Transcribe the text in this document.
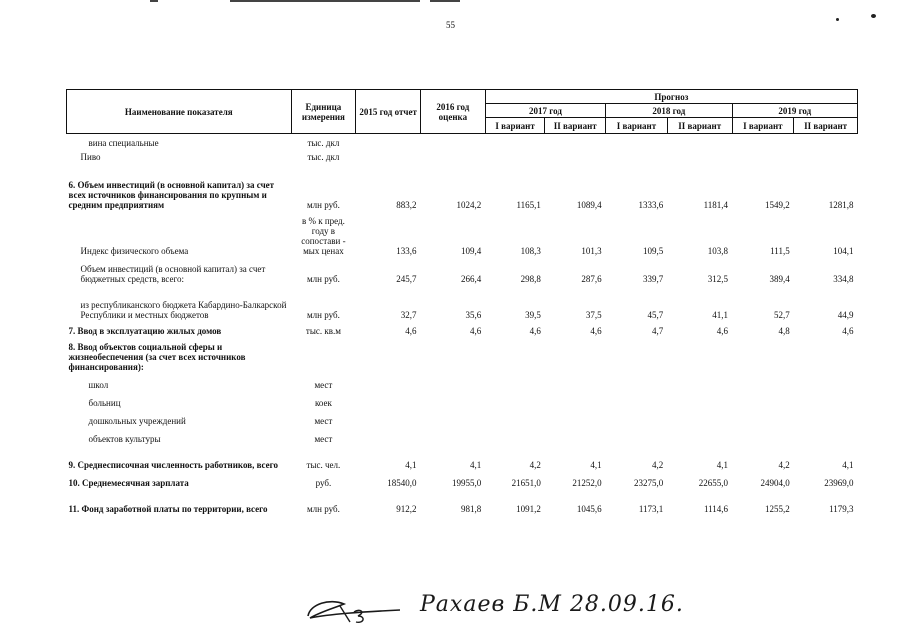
55
Наименование показателя	Единица измерения	2015 год отчет	2016 год оценка	Прогноз					
				2017 год		2018 год		2019 год	
				I вариант	II вариант	I вариант	II вариант	I вариант	II вариант
вина специальные	тыс. дкл								
Пиво	тыс. дкл								

6. Объем инвестиций (в основной капитал) за счет всех источников финансирования по крупным и средним предприятиям	млн руб.	883,2	1024,2	1165,1	1089,4	1333,6	1181,4	1549,2	1281,8
Индекс физического объема	в % к пред. году в сопостави - мых ценах	133,6	109,4	108,3	101,3	109,5	103,8	111,5	104,1
Объем инвестиций (в основной капитал) за счет бюджетных средств, всего:	млн руб.	245,7	266,4	298,8	287,6	339,7	312,5	389,4	334,8
из республиканского бюджета Кабардино-Балкарской Республики и местных бюджетов	млн руб.	32,7	35,6	39,5	37,5	45,7	41,1	52,7	44,9
7. Ввод в эксплуатацию жилых домов	тыс. кв.м	4,6	4,6	4,6	4,6	4,7	4,6	4,8	4,6
8. Ввод объектов социальной сферы и жизнеобеспечения (за счет всех источников финансирования):									
школ	мест								
больниц	коек								
дошкольных учреждений	мест								
объектов культуры	мест								
9. Среднесписочная численность работников, всего	тыс. чел.	4,1	4,1	4,2	4,1	4,2	4,1	4,2	4,1
10. Среднемесячная зарплата	руб.	18540,0	19955,0	21651,0	21252,0	23275,0	22655,0	24904,0	23969,0
11. Фонд заработной платы по территории, всего	млн руб.	912,2	981,8	1091,2	1045,6	1173,1	1114,6	1255,2	1179,3
Рахаев Б.М 28.09.16.
